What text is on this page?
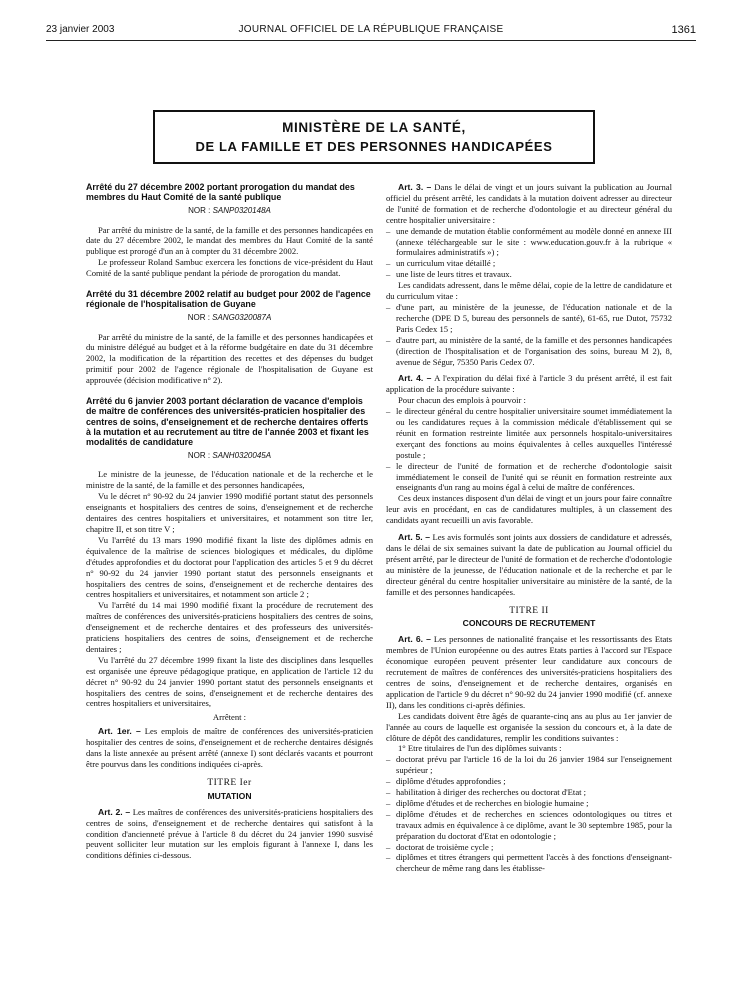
23 janvier 2003	JOURNAL OFFICIEL DE LA RÉPUBLIQUE FRANÇAISE	1361
MINISTÈRE DE LA SANTÉ,
DE LA FAMILLE ET DES PERSONNES HANDICAPÉES
Arrêté du 27 décembre 2002 portant prorogation du mandat des membres du Haut Comité de la santé publique
NOR : SANP0320148A

Par arrêté du ministre de la santé, de la famille et des personnes handicapées en date du 27 décembre 2002, le mandat des membres du Haut Comité de la santé publique est prorogé d'un an à compter du 31 décembre 2002.

Le professeur Roland Sambuc exercera les fonctions de vice-président du Haut Comité de la santé publique pendant la période de prorogation du mandat.

Arrêté du 31 décembre 2002 relatif au budget pour 2002 de l'agence régionale de l'hospitalisation de Guyane
NOR : SANG0320087A

Par arrêté du ministre de la santé, de la famille et des personnes handicapées et du ministre délégué au budget et à la réforme budgétaire en date du 31 décembre 2002, la modification de la répartition des recettes et des dépenses du budget primitif pour 2002 de l'agence régionale de l'hospitalisation de Guyane est approuvée (décision modificative n° 2).

Arrêté du 6 janvier 2003 portant déclaration de vacance d'emplois de maître de conférences des universités-praticien hospitalier des centres de soins, d'enseignement et de recherche dentaires offerts à la mutation et au recrutement au titre de l'année 2003 et fixant les modalités de candidature
NOR : SANH0320045A

Le ministre de la jeunesse, de l'éducation nationale et de la recherche et le ministre de la santé, de la famille et des personnes handicapées,

Vu le décret n° 90-92 du 24 janvier 1990 modifié portant statut des personnels enseignants et hospitaliers des centres de soins, d'enseignement et de recherche dentaires des centres hospitaliers et universitaires, et notamment son titre Ier, chapitre II, et son titre V ;

Vu l'arrêté du 13 mars 1990 modifié fixant la liste des diplômes admis en équivalence de la maîtrise de sciences biologiques et médicales, du diplôme d'études approfondies et du doctorat pour l'application des articles 5 et 9 du décret n° 90-92 du 24 janvier 1990 portant statut des personnels enseignants et hospitaliers des centres de soins, d'enseignement et de recherche dentaires des centres hospitaliers et universitaires, et notamment son article 2 ;

Vu l'arrêté du 14 mai 1990 modifié fixant la procédure de recrutement des maîtres de conférences des universités-praticiens hospitaliers des centres de soins, d'enseignement et de recherche dentaires et des professeurs des universités-praticiens hospitaliers des centres de soins, d'enseignement et de recherche dentaires ;

Vu l'arrêté du 27 décembre 1999 fixant la liste des disciplines dans lesquelles est organisée une épreuve pédagogique pratique, en application de l'article 12 du décret n° 90-92 du 24 janvier 1990 portant statut des personnels enseignants et hospitaliers des centres de soins, d'enseignement et de recherche dentaires des centres hospitaliers et universitaires,

Arrêtent :

Art. 1er. – Les emplois de maître de conférences des universités-praticien hospitalier des centres de soins, d'enseignement et de recherche dentaires désignés dans la liste annexée au présent arrêté (annexe I) sont déclarés vacants et pourront être pourvus dans les conditions indiquées ci-après.

TITRE Ier
MUTATION

Art. 2. – Les maîtres de conférences des universités-praticiens hospitaliers des centres de soins, d'enseignement et de recherche dentaires qui satisfont à la condition d'ancienneté prévue à l'article 8 du décret du 24 janvier 1990 susvisé peuvent solliciter leur mutation sur les emplois figurant à l'annexe I, dans les conditions définies ci-dessous.

Art. 3. – Dans le délai de vingt et un jours suivant la publication au Journal officiel du présent arrêté, les candidats à la mutation doivent adresser au directeur de l'unité de formation et de recherche d'odontologie et au directeur général du centre hospitalier universitaire :

– une demande de mutation établie conformément au modèle donné en annexe III (annexe téléchargeable sur le site : www.education.gouv.fr à la rubrique « formulaires administratifs ») ;
– un curriculum vitae détaillé ;
– une liste de leurs titres et travaux.

Les candidats adressent, dans le même délai, copie de la lettre de candidature et du curriculum vitae :

– d'une part, au ministère de la jeunesse, de l'éducation nationale et de la recherche (DPE D 5, bureau des personnels de santé), 61-65, rue Dutot, 75732 Paris Cedex 15 ;
– d'autre part, au ministère de la santé, de la famille et des personnes handicapées (direction de l'hospitalisation et de l'organisation des soins, bureau M 2), 8, avenue de Ségur, 75350 Paris Cedex 07.

Art. 4. – A l'expiration du délai fixé à l'article 3 du présent arrêté, il est fait application de la procédure suivante :

Pour chacun des emplois à pourvoir :

– le directeur général du centre hospitalier universitaire soumet immédiatement la ou les candidatures reçues à la commission médicale d'établissement qui se réunit en formation restreinte limitée aux personnels hospitalo-universitaires exerçant des fonctions au moins équivalentes à celles auxquelles l'intéressé postule ;
– le directeur de l'unité de formation et de recherche d'odontologie saisit immédiatement le conseil de l'unité qui se réunit en formation restreinte aux enseignants d'un rang au moins égal à celui de maître de conférences.

Ces deux instances disposent d'un délai de vingt et un jours pour faire connaître leur avis en procédant, en cas de candidatures multiples, à un classement des candidats ayant recueilli un avis favorable.

Art. 5. – Les avis formulés sont joints aux dossiers de candidature et adressés, dans le délai de six semaines suivant la date de publication au Journal officiel du présent arrêté, par le directeur de l'unité de formation et de recherche d'odontologie au ministère de la jeunesse, de l'éducation nationale et de la recherche et par le directeur général du centre hospitalier universitaire au ministère de la santé, de la famille et des personnes handicapées.

TITRE II
CONCOURS DE RECRUTEMENT

Art. 6. – Les personnes de nationalité française et les ressortissants des Etats membres de l'Union européenne ou des autres Etats parties à l'accord sur l'Espace économique européen peuvent présenter leur candidature aux concours de recrutement de maîtres de conférences des universités-praticiens hospitaliers des centres de soins, d'enseignement et de recherche dentaires, organisés en application de l'article 9 du décret n° 90-92 du 24 janvier 1990 modifié (cf. annexe II), dans les conditions ci-après définies.

Les candidats doivent être âgés de quarante-cinq ans au plus au 1er janvier de l'année au cours de laquelle est organisée la session du concours et, à la date de clôture de dépôt des candidatures, remplir les conditions suivantes :

1° Etre titulaires de l'un des diplômes suivants :

– doctorat prévu par l'article 16 de la loi du 26 janvier 1984 sur l'enseignement supérieur ;
– diplôme d'études approfondies ;
– habilitation à diriger des recherches ou doctorat d'Etat ;
– diplôme d'études et de recherches en biologie humaine ;
– diplôme d'études et de recherches en sciences odontologiques ou titres et travaux admis en équivalence à ce diplôme, avant le 30 septembre 1985, pour la préparation du doctorat d'Etat en odontologie ;
– doctorat de troisième cycle ;
– diplômes et titres étrangers qui permettent l'accès à des fonctions d'enseignant-chercheur de même rang dans les établisse-
